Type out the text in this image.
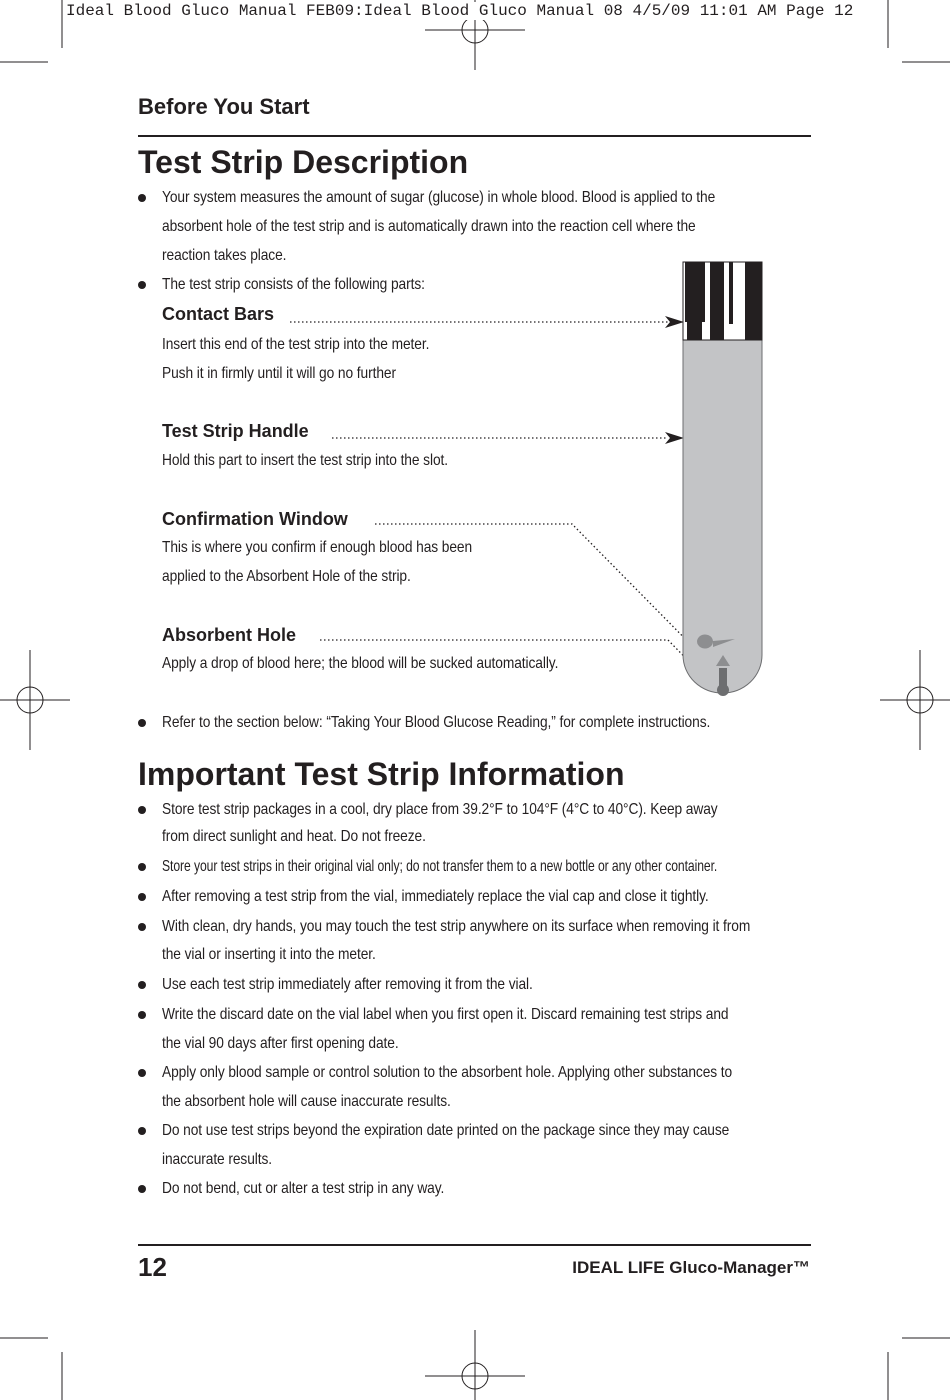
Ideal Blood Gluco Manual FEB09:Ideal Blood Gluco Manual 08 4/5/09 11:01 AM Page 12
Before You Start
Test Strip Description
Your system measures the amount of sugar (glucose) in whole blood. Blood is applied to the
absorbent hole of the test strip and is automatically drawn into the reaction cell where the
reaction takes place.
The test strip consists of the following parts:
Contact Bars
Insert this end of the test strip into the meter.
Push it in firmly until it will go no further
Test Strip Handle
Hold this part to insert the test strip into the slot.
Confirmation Window
This is where you confirm if enough blood has been
applied to the Absorbent Hole of the strip.
Absorbent Hole
Apply a drop of blood here; the blood will be sucked automatically.
Refer to the section below: “Taking Your Blood Glucose Reading,” for complete instructions.
Store test strip packages in a cool, dry place from 39.2°F to 104°F (4°C to 40°C). Keep away
from direct sunlight and heat. Do not freeze.
Store your test strips in their original vial only; do not transfer them to a new bottle or any other container.
After removing a test strip from the vial, immediately replace the vial cap and close it tightly.
With clean, dry hands, you may touch the test strip anywhere on its surface when removing it from
the vial or inserting it into the meter.
Use each test strip immediately after removing it from the vial.
Write the discard date on the vial label when you first open it. Discard remaining test strips and
the vial 90 days after first opening date.
Apply only blood sample or control solution to the absorbent hole. Applying other substances to
the absorbent hole will cause inaccurate results.
Do not use test strips beyond the expiration date printed on the package since they may cause
inaccurate results.
Do not bend, cut or alter a test strip in any way.
Important Test Strip Information
12	IDEAL LIFE Gluco-Manager™
